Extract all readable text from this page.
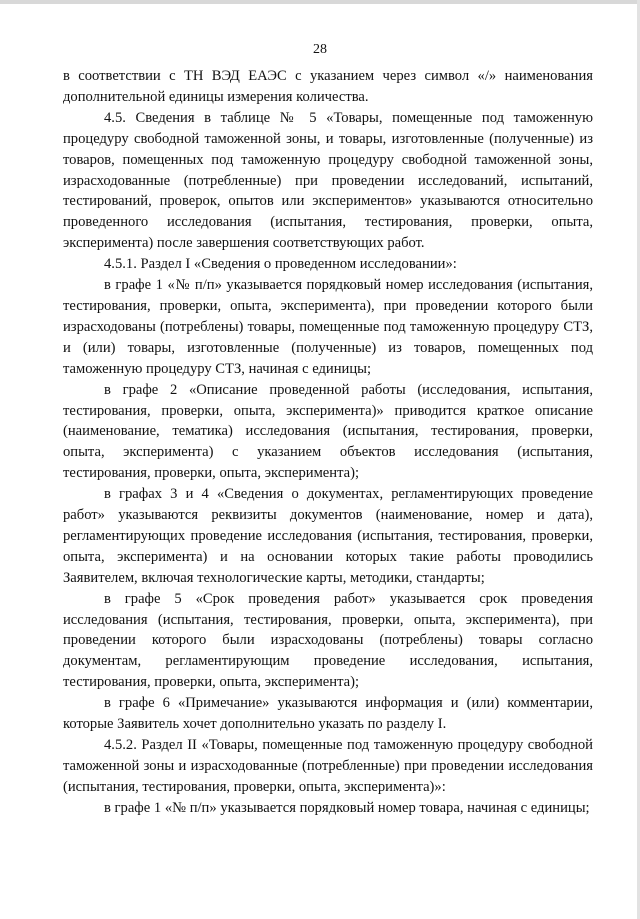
28

в соответствии с ТН ВЭД ЕАЭС с указанием через символ «/» наименования дополнительной единицы измерения количества.

4.5. Сведения в таблице № 5 «Товары, помещенные под таможенную процедуру свободной таможенной зоны, и товары, изготовленные (полученные) из товаров, помещенных под таможенную процедуру свободной таможенной зоны, израсходованные (потребленные) при проведении исследований, испытаний, тестирований, проверок, опытов или экспериментов» указываются относительно проведенного исследования (испытания, тестирования, проверки, опыта, эксперимента) после завершения соответствующих работ.

4.5.1. Раздел I «Сведения о проведенном исследовании»:

в графе 1 «№ п/п» указывается порядковый номер исследования (испытания, тестирования, проверки, опыта, эксперимента), при проведении которого были израсходованы (потреблены) товары, помещенные под таможенную процедуру СТЗ, и (или) товары, изготовленные (полученные) из товаров, помещенных под таможенную процедуру СТЗ, начиная с единицы;

в графе 2 «Описание проведенной работы (исследования, испытания, тестирования, проверки, опыта, эксперимента)» приводится краткое описание (наименование, тематика) исследования (испытания, тестирования, проверки, опыта, эксперимента) с указанием объектов исследования (испытания, тестирования, проверки, опыта, эксперимента);

в графах 3 и 4 «Сведения о документах, регламентирующих проведение работ» указываются реквизиты документов (наименование, номер и дата), регламентирующих проведение исследования (испытания, тестирования, проверки, опыта, эксперимента) и на основании которых такие работы проводились Заявителем, включая технологические карты, методики, стандарты;

в графе 5 «Срок проведения работ» указывается срок проведения исследования (испытания, тестирования, проверки, опыта, эксперимента), при проведении которого были израсходованы (потреблены) товары согласно документам, регламентирующим проведение исследования, испытания, тестирования, проверки, опыта, эксперимента);

в графе 6 «Примечание» указываются информация и (или) комментарии, которые Заявитель хочет дополнительно указать по разделу I.

4.5.2. Раздел II «Товары, помещенные под таможенную процедуру свободной таможенной зоны и израсходованные (потребленные) при проведении исследования (испытания, тестирования, проверки, опыта, эксперимента)»:

в графе 1 «№ п/п» указывается порядковый номер товара, начиная с единицы;
